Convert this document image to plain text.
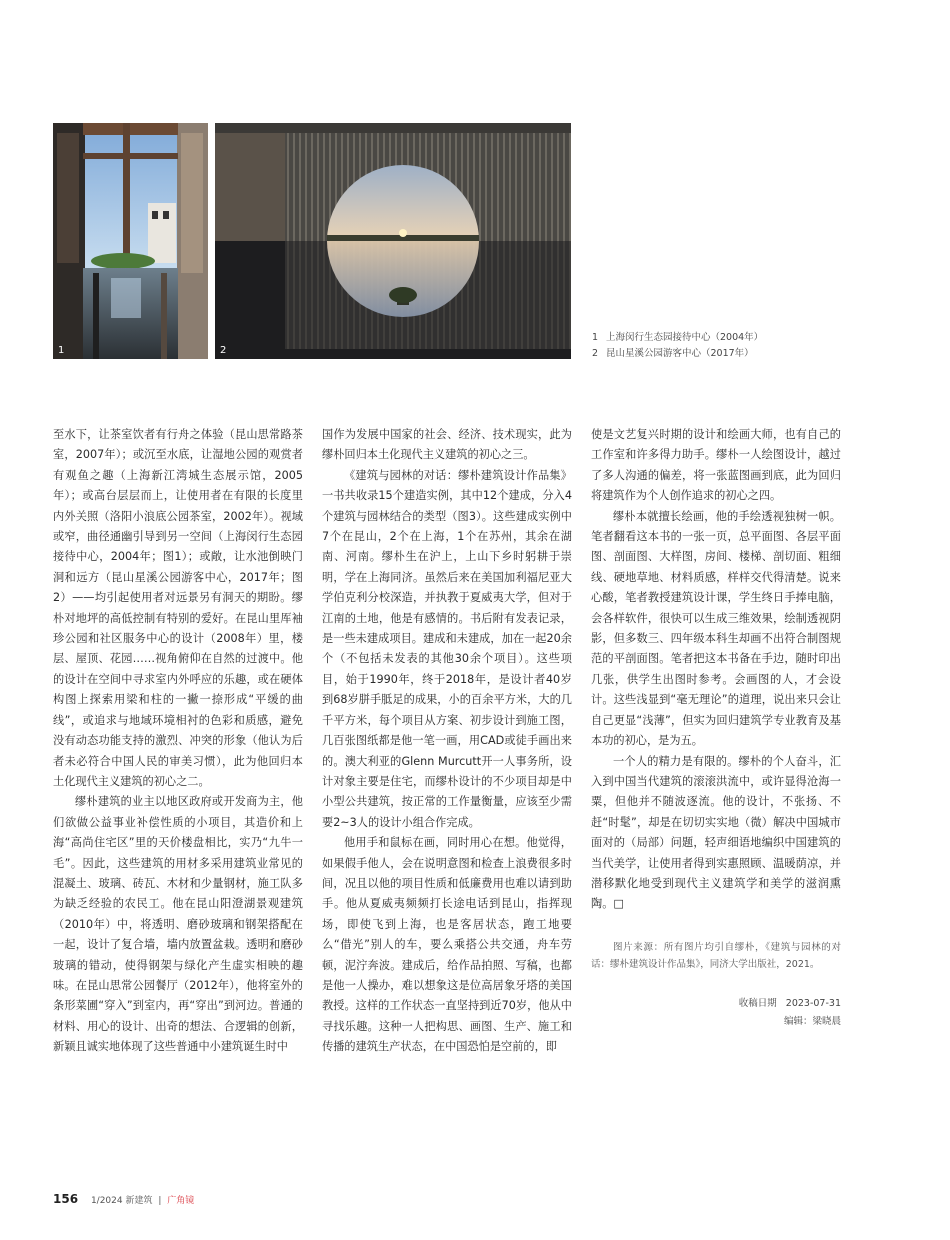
1	2
1 上海闵行生态园接待中心（2004年）
2 昆山星溪公园游客中心（2017年）

至水下，让茶室饮者有行舟之体验（昆山思常路茶室，2007年）；或沉至水底，让湿地公园的观赏者有观鱼之趣（上海新江湾城生态展示馆，2005年）；或高台层层而上，让使用者在有限的长度里内外关照（洛阳小浪底公园茶室，2002年）。视域或窄，曲径通幽引导到另一空间（上海闵行生态园接待中心，2004年；图1）；或敞，让水池倒映门洞和远方（昆山星溪公园游客中心，2017年；图2）——均引起使用者对远景另有洞天的期盼。缪朴对地坪的高低控制有特别的爱好。在昆山里厍袖珍公园和社区服务中心的设计（2008年）里，楼层、屋顶、花园……视角俯仰在自然的过渡中。他的设计在空间中寻求室内外呼应的乐趣，或在硬体构图上探索用梁和柱的一撇一捺形成“平缓的曲线”，或追求与地域环境相衬的色彩和质感，避免没有动态功能支持的激烈、冲突的形象（他认为后者未必符合中国人民的审美习惯），此为他回归本土化现代主义建筑的初心之二。

缪朴建筑的业主以地区政府或开发商为主，他们欲做公益事业补偿性质的小项目，其造价和上海“高尚住宅区”里的天价楼盘相比，实乃“九牛一毛”。因此，这些建筑的用材多采用建筑业常见的混凝土、玻璃、砖瓦、木材和少量钢材，施工队多为缺乏经验的农民工。他在昆山阳澄湖景观建筑（2010年）中，将透明、磨砂玻璃和钢架搭配在一起，设计了复合墙，墙内放置盆栽。透明和磨砂玻璃的错动，使得钢架与绿化产生虚实相映的趣味。在昆山思常公园餐厅（2012年），他将室外的条形菜圃“穿入”到室内，再“穿出”到河边。普通的材料、用心的设计、出奇的想法、合逻辑的创新，新颖且诚实地体现了这些普通中小建筑诞生时中

国作为发展中国家的社会、经济、技术现实，此为缪朴回归本土化现代主义建筑的初心之三。

《建筑与园林的对话：缪朴建筑设计作品集》一书共收录15个建造实例，其中12个建成，分入4个建筑与园林结合的类型（图3）。这些建成实例中7个在昆山，2个在上海，1个在苏州，其余在湖南、河南。缪朴生在沪上，上山下乡时躬耕于崇明，学在上海同济。虽然后来在美国加利福尼亚大学伯克利分校深造，并执教于夏威夷大学，但对于江南的土地，他是有感情的。书后附有发表记录，是一些未建成项目。建成和未建成，加在一起20余个（不包括未发表的其他30余个项目）。这些项目，始于1990年，终于2018年，是设计者40岁到68岁胼手胝足的成果，小的百余平方米，大的几千平方米，每个项目从方案、初步设计到施工图，几百张图纸都是他一笔一画，用CAD或徒手画出来的。澳大利亚的Glenn Murcutt开一人事务所，设计对象主要是住宅，而缪朴设计的不少项目却是中小型公共建筑，按正常的工作量衡量，应该至少需要2~3人的设计小组合作完成。

他用手和鼠标在画，同时用心在想。他觉得，如果假手他人，会在说明意图和检查上浪费很多时间，况且以他的项目性质和低廉费用也难以请到助手。他从夏威夷频频打长途电话到昆山，指挥现场，即使飞到上海，也是客居状态，跑工地要么“借光”别人的车，要么乘搭公共交通，舟车劳顿，泥泞奔波。建成后，给作品拍照、写稿，也都是他一人操办，难以想象这是位高居象牙塔的美国教授。这样的工作状态一直坚持到近70岁，他从中寻找乐趣。这种一人把构思、画图、生产、施工和传播的建筑生产状态，在中国恐怕是空前的，即

使是文艺复兴时期的设计和绘画大师，也有自己的工作室和许多得力助手。缪朴一人绘图设计，越过了多人沟通的偏差，将一张蓝图画到底，此为回归将建筑作为个人创作追求的初心之四。

缪朴本就擅长绘画，他的手绘透视独树一帜。笔者翻看这本书的一张一页，总平面图、各层平面图、剖面图、大样图，房间、楼梯、剖切面、粗细线、硬地草地、材料质感，样样交代得清楚。说来心酸，笔者教授建筑设计课，学生终日手捧电脑，会各样软件，很快可以生成三维效果，绘制透视阴影，但多数三、四年级本科生却画不出符合制图规范的平剖面图。笔者把这本书备在手边，随时印出几张，供学生出图时参考。会画图的人，才会设计。这些浅显到“毫无理论”的道理，说出来只会让自己更显“浅薄”，但实为回归建筑学专业教育及基本功的初心，是为五。

一个人的精力是有限的。缪朴的个人奋斗，汇入到中国当代建筑的滚滚洪流中，或许显得沧海一粟，但他并不随波逐流。他的设计，不张扬、不赶“时髦”，却是在切切实实地（微）解决中国城市面对的（局部）问题，轻声细语地编织中国建筑的当代美学，让使用者得到实惠照顾、温暖荫凉，并潜移默化地受到现代主义建筑学和美学的滋润熏陶。□

图片来源：所有图片均引自缪朴，《建筑与园林的对话：缪朴建筑设计作品集》，同济大学出版社，2021。
收稿日期   2023-07-31
编辑：梁晓晨
156 1/2024 新建筑 | 广角镜
